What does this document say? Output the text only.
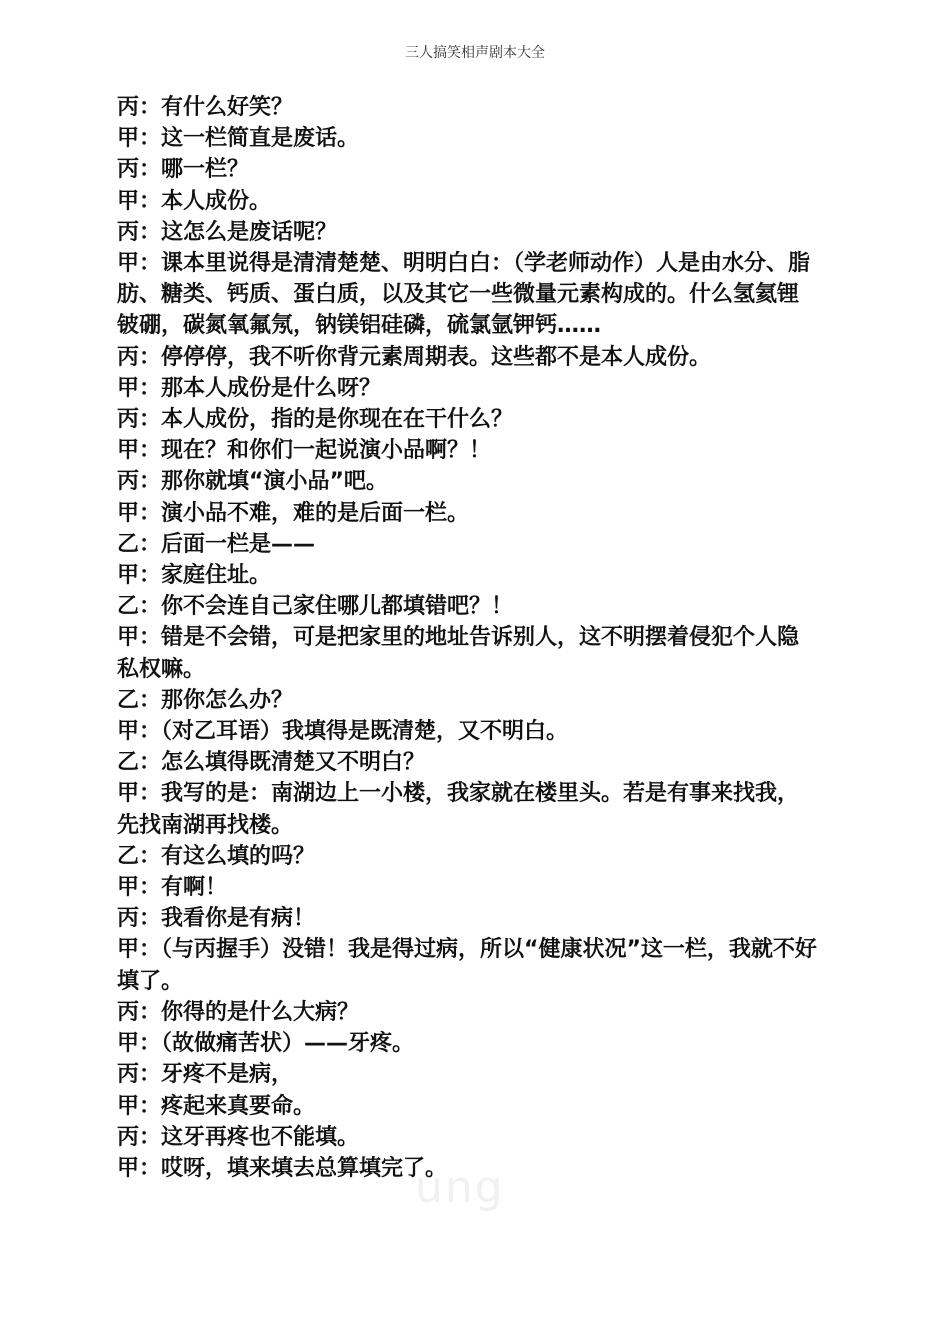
三人搞笑相声剧本大全

丙：有什么好笑？

甲：这一栏简直是废话。

丙：哪一栏？

甲：本人成份。

丙：这怎么是废话呢？

甲：课本里说得是清清楚楚、明明白白：（学老师动作）人是由水分、脂肪、糖类、钙质、蛋白质，以及其它一些微量元素构成的。什么氢氦锂铍硼，碳氮氧氟氖，钠镁铝硅磷，硫氯氩钾钙……

丙：停停停，我不听你背元素周期表。这些都不是本人成份。

甲：那本人成份是什么呀？

丙：本人成份，指的是你现在在干什么？

甲：现在？和你们一起说演小品啊？！

丙：那你就填“演小品”吧。

甲：演小品不难，难的是后面一栏。

乙：后面一栏是——

甲：家庭住址。

乙：你不会连自己家住哪儿都填错吧？！

甲：错是不会错，可是把家里的地址告诉别人，这不明摆着侵犯个人隐私权嘛。

乙：那你怎么办？

甲：（对乙耳语）我填得是既清楚，又不明白。

乙：怎么填得既清楚又不明白？

甲：我写的是：南湖边上一小楼，我家就在楼里头。若是有事来找我，先找南湖再找楼。

乙：有这么填的吗？

甲：有啊！

丙：我看你是有病！

甲：（与丙握手）没错！我是得过病，所以“健康状况”这一栏，我就不好填了。

丙：你得的是什么大病？

甲：（故做痛苦状）——牙疼。

丙：牙疼不是病，

甲：疼起来真要命。

丙：这牙再疼也不能填。

甲：哎呀，填来填去总算填完了。

ung
